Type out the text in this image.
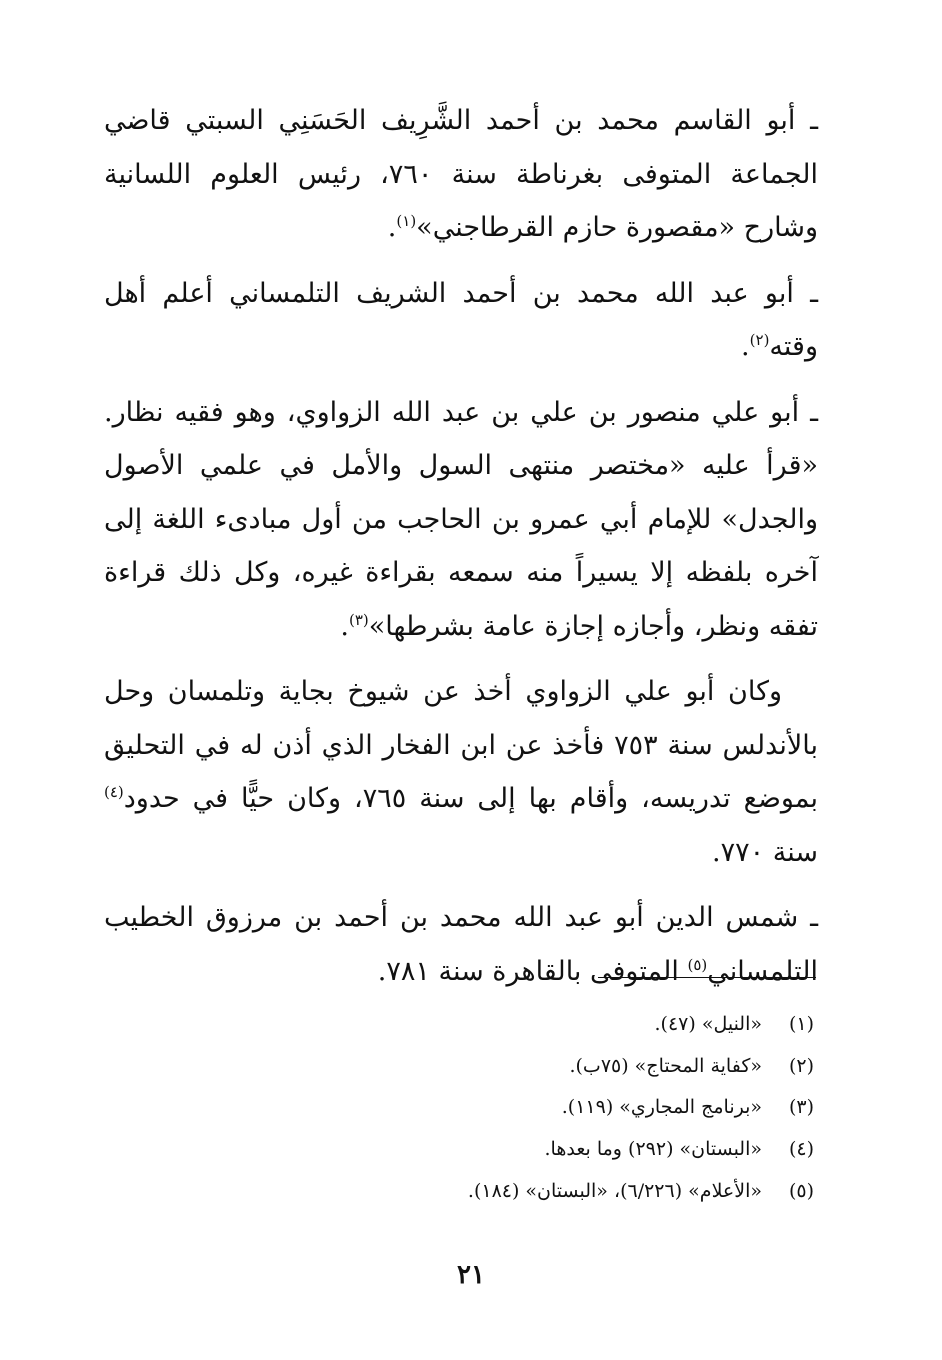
ـ أبو القاسم محمد بن أحمد الشَّرِيف الحَسَنِي السبتي قاضي الجماعة المتوفى بغرناطة سنة ٧٦٠، رئيس العلوم اللسانية وشارح «مقصورة حازم القرطاجني»$^{(١)}$.

ـ أبو عبد الله محمد بن أحمد الشريف التلمساني أعلم أهل وقته$^{(٢)}$.

ـ أبو علي منصور بن علي بن عبد الله الزواوي، وهو فقيه نظار. «قرأ عليه «مختصر منتهى السول والأمل في علمي الأصول والجدل» للإمام أبي عمرو بن الحاجب من أول مبادىء اللغة إلى آخره بلفظه إلا يسيراً منه سمعه بقراءة غيره، وكل ذلك قراءة تفقه ونظر، وأجازه إجازة عامة بشرطها»$^{(٣)}$.

وكان أبو علي الزواوي أخذ عن شيوخ بجاية وتلمسان وحل بالأندلس سنة ٧٥٣ فأخذ عن ابن الفخار الذي أذن له في التحليق بموضع تدريسه، وأقام بها إلى سنة ٧٦٥، وكان حيًّا في حدود$^{(٤)}$ سنة ٧٧٠.

ـ شمس الدين أبو عبد الله محمد بن أحمد بن مرزوق الخطيب التلمساني$^{(٥)}$ المتوفى بالقاهرة سنة ٧٨١.

(١)
«النيل» (٤٧).
(٢)
«كفاية المحتاج» (٧٥ب).
(٣)
«برنامج المجاري» (١١٩).
(٤)
«البستان» (٢٩٢) وما بعدها.
(٥)
«الأعلام» (٦/٢٢٦)، «البستان» (١٨٤).
٢١
